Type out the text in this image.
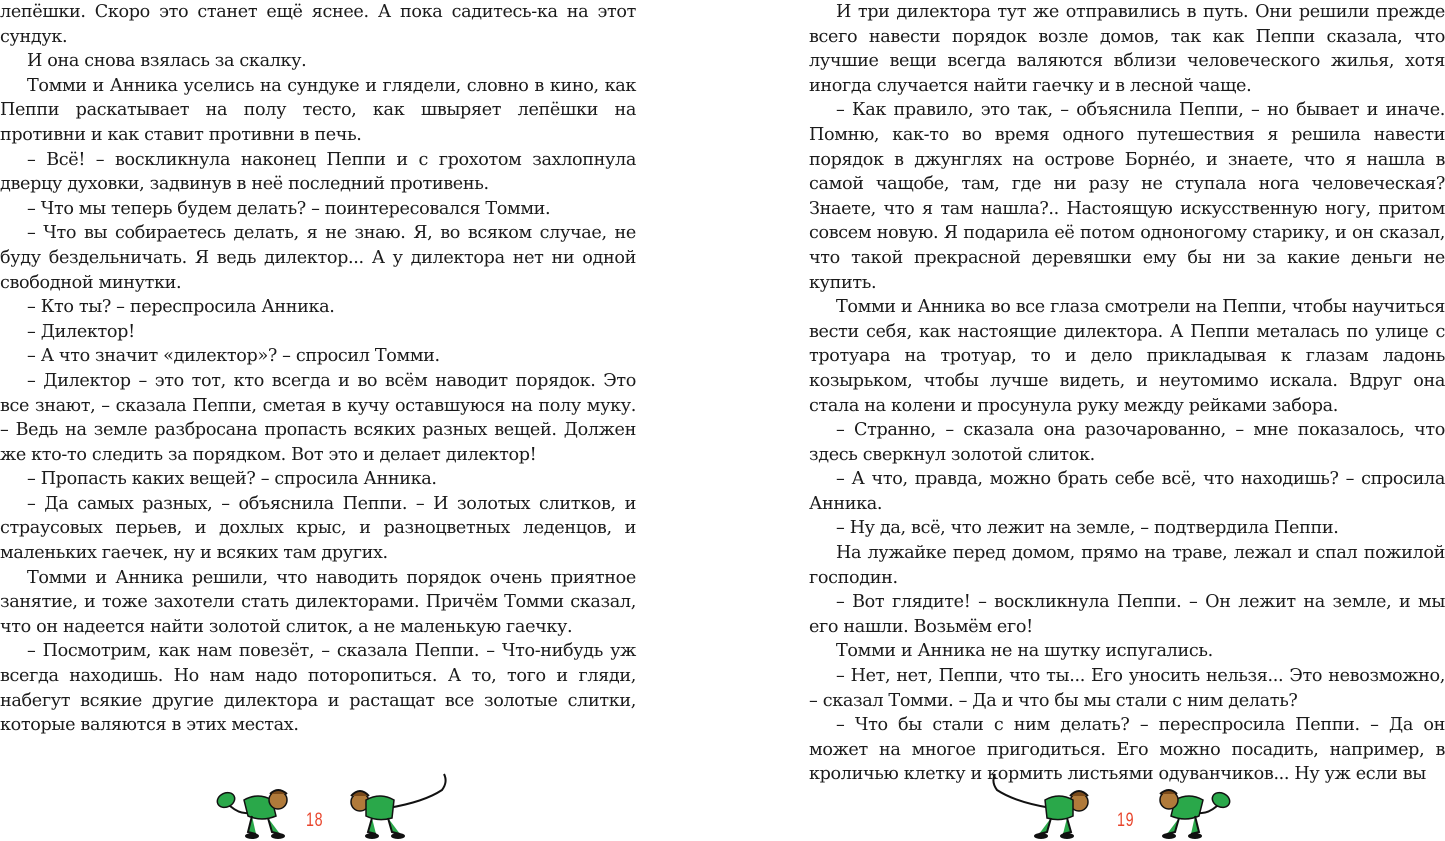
лепёшки. Скоро это станет ещё яснее. А пока садитесь-ка на этот сундук.

И она снова взялась за скалку.

Томми и Анника уселись на сундуке и глядели, словно в кино, как Пеппи раскатывает на полу тесто, как швыряет лепёшки на противни и как ставит противни в печь.

– Всё! – воскликнула наконец Пеппи и с грохотом захлопнула дверцу духовки, задвинув в неё последний противень.

– Что мы теперь будем делать? – поинтересовался Томми.

– Что вы собираетесь делать, я не знаю. Я, во всяком случае, не буду бездельничать. Я ведь дилектор... А у дилектора нет ни одной свободной минутки.

– Кто ты? – переспросила Анника.

– Дилектор!

– А что значит «дилектор»? – спросил Томми.

– Дилектор – это тот, кто всегда и во всём наводит порядок. Это все знают, – сказала Пеппи, сметая в кучу оставшуюся на полу муку. – Ведь на земле разбросана пропасть всяких разных вещей. Должен же кто-то следить за порядком. Вот это и делает дилектор!

– Пропасть каких вещей? – спросила Анника.

– Да самых разных, – объяснила Пеппи. – И золотых слитков, и страусовых перьев, и дохлых крыс, и разноцветных леденцов, и маленьких гаечек, ну и всяких там других.

Томми и Анника решили, что наводить порядок очень приятное занятие, и тоже захотели стать дилекторами. Причём Томми сказал, что он надеется найти золотой слиток, а не маленькую гаечку.

– Посмотрим, как нам повезёт, – сказала Пеппи. – Что-нибудь уж всегда находишь. Но нам надо поторопиться. А то, того и гляди, набегут всякие другие дилектора и растащат все золотые слитки, которые валяются в этих местах.

18

И три дилектора тут же отправились в путь. Они решили прежде всего навести порядок возле домов, так как Пеппи сказала, что лучшие вещи всегда валяются вблизи человеческого жилья, хотя иногда случается найти гаечку и в лесной чаще.

– Как правило, это так, – объяснила Пеппи, – но бывает и иначе. Помню, как-то во время одного путешествия я решила навести порядок в джунглях на острове Борнéо, и знаете, что я нашла в самой чащобе, там, где ни разу не ступала нога человеческая? Знаете, что я там нашла?.. Настоящую искусственную ногу, притом совсем новую. Я подарила её потом одноногому старику, и он сказал, что такой прекрасной деревяшки ему бы ни за какие деньги не купить.

Томми и Анника во все глаза смотрели на Пеппи, чтобы научиться вести себя, как настоящие дилектора. А Пеппи металась по улице с тротуара на тротуар, то и дело прикладывая к глазам ладонь козырьком, чтобы лучше видеть, и неутомимо искала. Вдруг она стала на колени и просунула руку между рейками забора.

– Странно, – сказала она разочарованно, – мне показалось, что здесь сверкнул золотой слиток.

– А что, правда, можно брать себе всё, что находишь? – спросила Анника.

– Ну да, всё, что лежит на земле, – подтвердила Пеппи.

На лужайке перед домом, прямо на траве, лежал и спал пожилой господин.

– Вот глядите! – воскликнула Пеппи. – Он лежит на земле, и мы его нашли. Возьмём его!

Томми и Анника не на шутку испугались.

– Нет, нет, Пеппи, что ты... Его уносить нельзя... Это невозможно, – сказал Томми. – Да и что бы мы стали с ним делать?

– Что бы стали с ним делать? – переспросила Пеппи. – Да он может на многое пригодиться. Его можно посадить, например, в кроличью клетку и кормить листьями одуванчиков... Ну уж если вы

19
